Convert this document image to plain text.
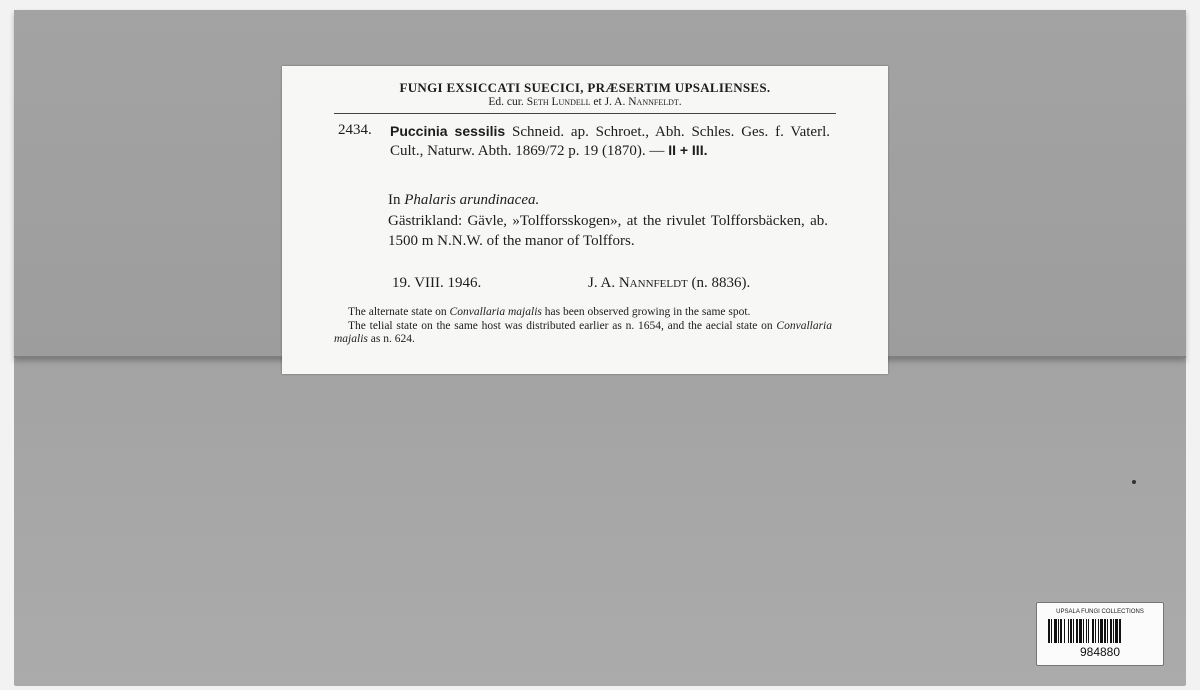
UPSALA FUNGI COLLECTIONS
984880
FUNGI EXSICCATI SUECICI, PRÆSERTIM UPSALIENSES.
Ed. cur. Seth Lundell et J. A. Nannfeldt.
2434. Puccinia sessilis Schneid. ap. Schroet., Abh. Schles. Ges. f. Vaterl. Cult., Naturw. Abth. 1869/72 p. 19 (1870). — II + III.
In Phalaris arundinacea.
Gästrikland: Gävle, »Tolfforsskogen», at the rivulet Tolfforsbäcken, ab. 1500 m N.N.W. of the manor of Tolffors.
19. VIII. 1946.	J. A. Nannfeldt (n. 8836).

The alternate state on Convallaria majalis has been observed growing in the same spot.

The telial state on the same host was distributed earlier as n. 1654, and the aecial state on Convallaria majalis as n. 624.
